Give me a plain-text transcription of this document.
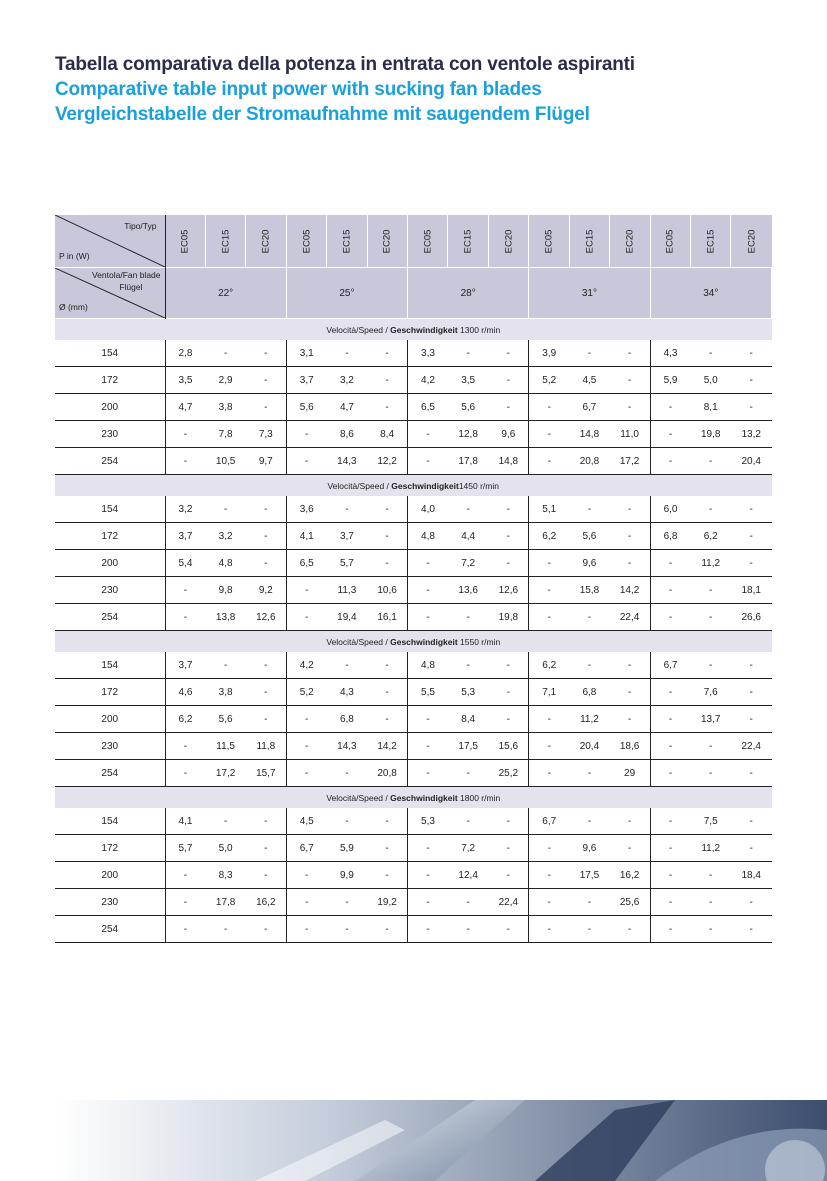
Tabella comparativa della potenza in entrata con ventole aspiranti
Comparative table input power with sucking fan blades
Vergleichstabelle der Stromaufnahme mit saugendem Flügel
Tipo/Typ
P in (W)	EC05	EC15	EC20	EC05	EC15	EC20	EC05	EC15	EC20	EC05	EC15	EC20	EC05	EC15	EC20

Ventola/Fan blade
Flügel
Ø (mm)	22°			25°			28°			31°			34°		
Velocità/Speed / Geschwindigkeit 1300 r/min															
154	2,8	-	-	3,1	-	-	3,3	-	-	3,9	-	-	4,3	-	-
172	3,5	2,9	-	3,7	3,2	-	4,2	3,5	-	5,2	4,5	-	5,9	5,0	-
200	4,7	3,8	-	5,6	4,7	-	6,5	5,6	-	-	6,7	-	-	8,1	-
230	-	7,8	7,3	-	8,6	8,4	-	12,8	9,6	-	14,8	11,0	-	19,8	13,2
254	-	10,5	9,7	-	14,3	12,2	-	17,8	14,8	-	20,8	17,2	-	-	20,4
Velocità/Speed / Geschwindigkeit1450 r/min															
154	3,2	-	-	3,6	-	-	4,0	-	-	5,1	-	-	6,0	-	-
172	3,7	3,2	-	4,1	3,7	-	4,8	4,4	-	6,2	5,6	-	6,8	6,2	-
200	5,4	4,8	-	6,5	5,7	-	-	7,2	-	-	9,6	-	-	11,2	-
230	-	9,8	9,2	-	11,3	10,6	-	13,6	12,6	-	15,8	14,2	-	-	18,1
254	-	13,8	12,6	-	19,4	16,1	-	-	19,8	-	-	22,4	-	-	26,6
Velocità/Speed / Geschwindigkeit 1550 r/min															
154	3,7	-	-	4,2	-	-	4,8	-	-	6,2	-	-	6,7	-	-
172	4,6	3,8	-	5,2	4,3	-	5,5	5,3	-	7,1	6,8	-	-	7,6	-
200	6,2	5,6	-	-	6,8	-	-	8,4	-	-	11,2	-	-	13,7	-
230	-	11,5	11,8	-	14,3	14,2	-	17,5	15,6	-	20,4	18,6	-	-	22,4
254	-	17,2	15,7	-	-	20,8	-	-	25,2	-	-	29	-	-	-
Velocità/Speed / Geschwindigkeit 1800 r/min															
154	4,1	-	-	4,5	-	-	5,3	-	-	6,7	-	-	-	7,5	-
172	5,7	5,0	-	6,7	5,9	-	-	7,2	-	-	9,6	-	-	11,2	-
200	-	8,3	-	-	9,9	-	-	12,4	-	-	17,5	16,2	-	-	18,4
230	-	17,8	16,2	-	-	19,2	-	-	22,4	-	-	25,6	-	-	-
254	-	-	-	-	-	-	-	-	-	-	-	-	-	-	-
